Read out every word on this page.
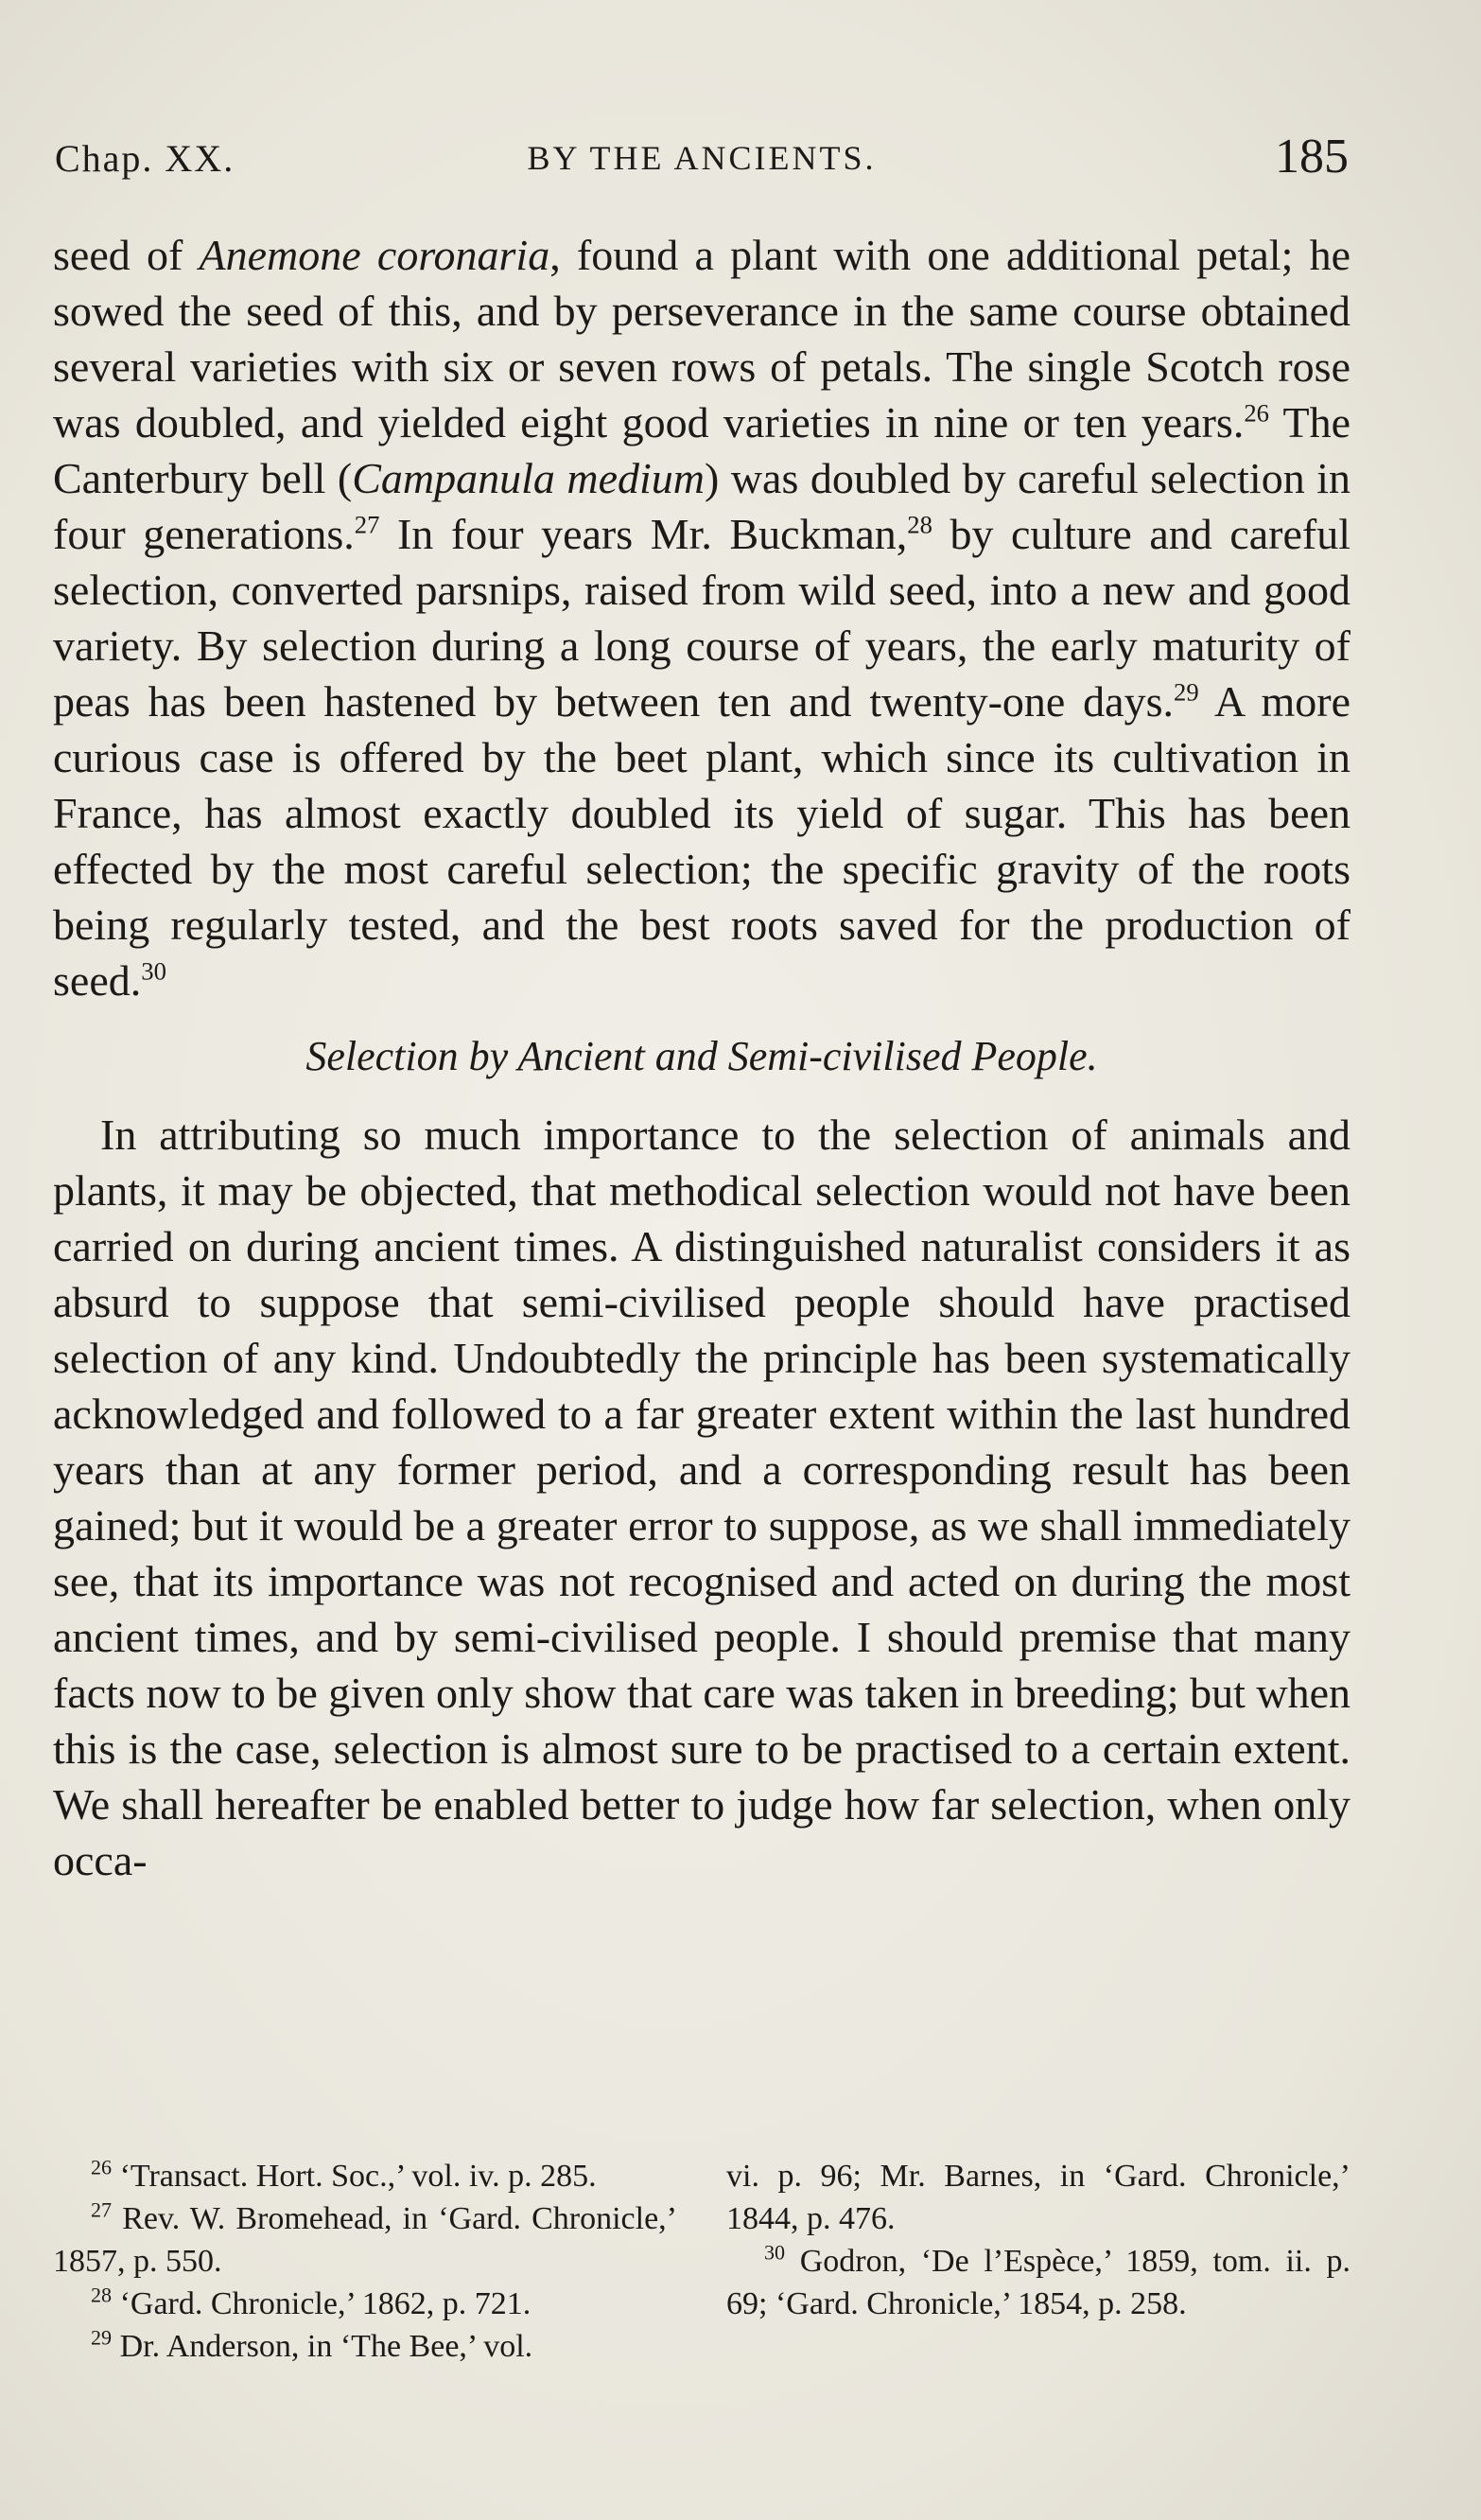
Chap. XX.	BY THE ANCIENTS.	185

seed of Anemone coronaria, found a plant with one additional petal; he sowed the seed of this, and by perseverance in the same course obtained several varieties with six or seven rows of petals. The single Scotch rose was doubled, and yielded eight good varieties in nine or ten years.$^{26}$ The Canterbury bell (Campanula medium) was doubled by careful selection in four generations.$^{27}$ In four years Mr. Buckman,$^{28}$ by culture and careful selection, converted parsnips, raised from wild seed, into a new and good variety. By selection during a long course of years, the early maturity of peas has been hastened by between ten and twenty-one days.$^{29}$ A more curious case is offered by the beet plant, which since its cultivation in France, has almost exactly doubled its yield of sugar. This has been effected by the most careful selection; the specific gravity of the roots being regularly tested, and the best roots saved for the production of seed.$^{30}$

Selection by Ancient and Semi-civilised People.

In attributing so much importance to the selection of animals and plants, it may be objected, that methodical selection would not have been carried on during ancient times. A distinguished naturalist considers it as absurd to suppose that semi-civilised people should have practised selection of any kind. Undoubtedly the principle has been systematically acknowledged and followed to a far greater extent within the last hundred years than at any former period, and a corresponding result has been gained; but it would be a greater error to suppose, as we shall immediately see, that its importance was not recognised and acted on during the most ancient times, and by semi-civilised people. I should premise that many facts now to be given only show that care was taken in breeding; but when this is the case, selection is almost sure to be practised to a certain extent. We shall hereafter be enabled better to judge how far selection, when only occa-

$^{26}$ ‘Transact. Hort. Soc.,’ vol. iv. p. 285.

$^{27}$ Rev. W. Bromehead, in ‘Gard. Chronicle,’ 1857, p. 550.

$^{28}$ ‘Gard. Chronicle,’ 1862, p. 721.

$^{29}$ Dr. Anderson, in ‘The Bee,’ vol.

vi. p. 96; Mr. Barnes, in ‘Gard. Chronicle,’ 1844, p. 476.

$^{30}$ Godron, ‘De l’Espèce,’ 1859, tom. ii. p. 69; ‘Gard. Chronicle,’ 1854, p. 258.
